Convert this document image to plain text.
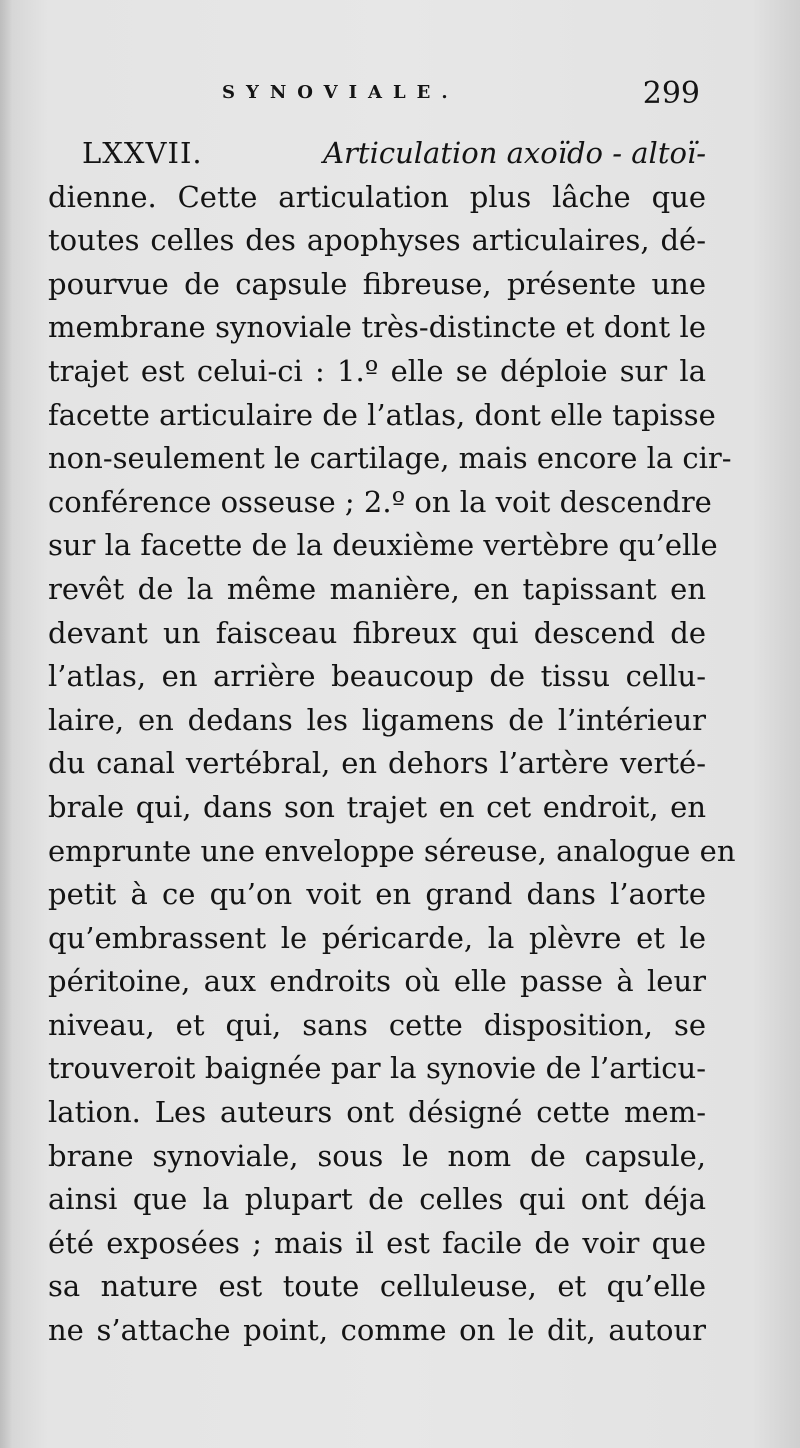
SYNOVIALE.	299
LXXVII.	Articulation axoïdo - altoï-
dienne. Cette articulation plus lâche que
toutes celles des apophyses articulaires, dé-
pourvue de capsule fibreuse, présente une
membrane synoviale très-distincte et dont le
trajet est celui-ci : 1.º elle se déploie sur la
facette articulaire de l’atlas, dont elle tapisse
non-seulement le cartilage, mais encore la cir-
conférence osseuse ; 2.º on la voit descendre
sur la facette de la deuxième vertèbre qu’elle
revêt de la même manière, en tapissant en
devant un faisceau fibreux qui descend de
l’atlas, en arrière beaucoup de tissu cellu-
laire, en dedans les ligamens de l’intérieur
du canal vertébral, en dehors l’artère verté-
brale qui, dans son trajet en cet endroit, en
emprunte une enveloppe séreuse, analogue en
petit à ce qu’on voit en grand dans l’aorte
qu’embrassent le péricarde, la plèvre et le
péritoine, aux endroits où elle passe à leur
niveau, et qui, sans cette disposition, se
trouveroit baignée par la synovie de l’articu-
lation. Les auteurs ont désigné cette mem-
brane synoviale, sous le nom de capsule,
ainsi que la plupart de celles qui ont déja
été exposées ; mais il est facile de voir que
sa nature est toute celluleuse, et qu’elle
ne s’attache point, comme on le dit, autour
